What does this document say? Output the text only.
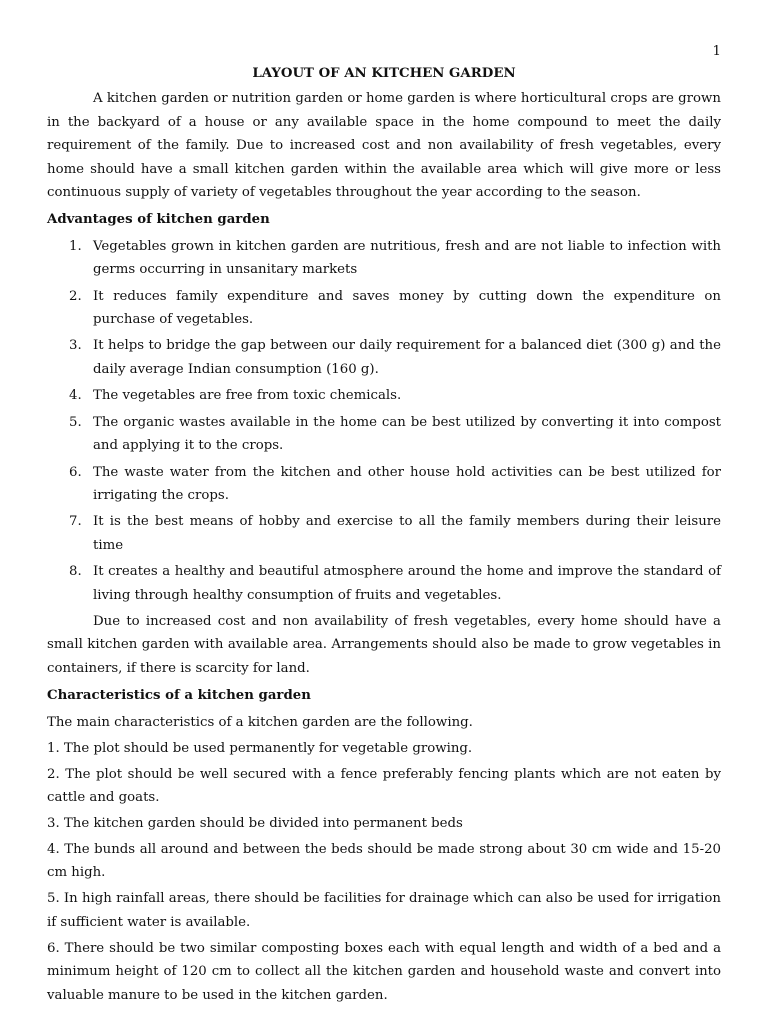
1

LAYOUT OF AN KITCHEN GARDEN

A kitchen garden or nutrition garden or home garden is where horticultural crops are grown in the backyard of a house or any available space in the home compound to meet the daily requirement of the family. Due to increased cost and non availability of fresh vegetables, every home should have a small kitchen garden within the available area which will give more or less continuous supply of variety of vegetables throughout the year according to the season.

Advantages of kitchen garden

1. Vegetables grown in kitchen garden are nutritious, fresh and are not liable to infection with germs occurring in unsanitary markets
2. It reduces family expenditure and saves money by cutting down the expenditure on purchase of vegetables.
3. It helps to bridge the gap between our daily requirement for a balanced diet (300 g) and the daily average Indian consumption (160 g).
4. The vegetables are free from toxic chemicals.
5. The organic wastes available in the home can be best utilized by converting it into compost and applying it to the crops.
6. The waste water from the kitchen and other house hold activities can be best utilized for irrigating the crops.
7. It is the best means of hobby and exercise to all the family members during their leisure time
8. It creates a healthy and beautiful atmosphere around the home and improve the standard of living through healthy consumption of fruits and vegetables.

Due to increased cost and non availability of fresh vegetables, every home should have a small kitchen garden with available area. Arrangements should also be made to grow vegetables in containers, if there is scarcity for land.

Characteristics of a kitchen garden

The main characteristics of a kitchen garden are the following.

1. The plot should be used permanently for vegetable growing.

2. The plot should be well secured with a fence preferably fencing plants which are not eaten by cattle and goats.

3. The kitchen garden should be divided into permanent beds

4. The bunds all around and between the beds should be made strong about 30 cm wide and 15-20 cm high.

5. In high rainfall areas, there should be facilities for drainage which can also be used for irrigation if sufficient water is available.

6. There should be two similar composting boxes each with equal length and width of a bed and a minimum height of 120 cm to collect all the kitchen garden and household waste and convert into valuable manure to be used in the kitchen garden.
